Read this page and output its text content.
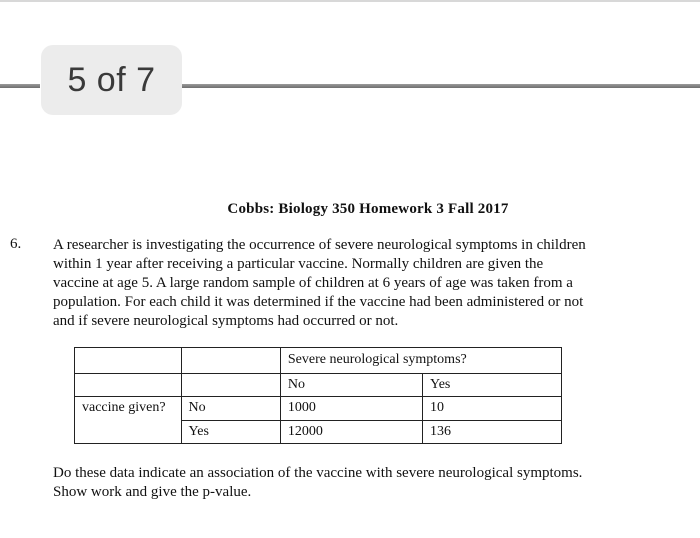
5 of 7
Cobbs: Biology 350 Homework 3 Fall 2017
6. A researcher is investigating the occurrence of severe neurological symptoms in children
within 1 year after receiving a particular vaccine. Normally children are given the
vaccine at age 5. A large random sample of children at 6 years of age was taken from a
population. For each child it was determined if the vaccine had been administered or not
and if severe neurological symptoms had occurred or not.
		Severe neurological symptoms?	
		No	Yes
vaccine given?	No	1000	10
	Yes	12000	136
Do these data indicate an association of the vaccine with severe neurological symptoms.
Show work and give the p-value.
